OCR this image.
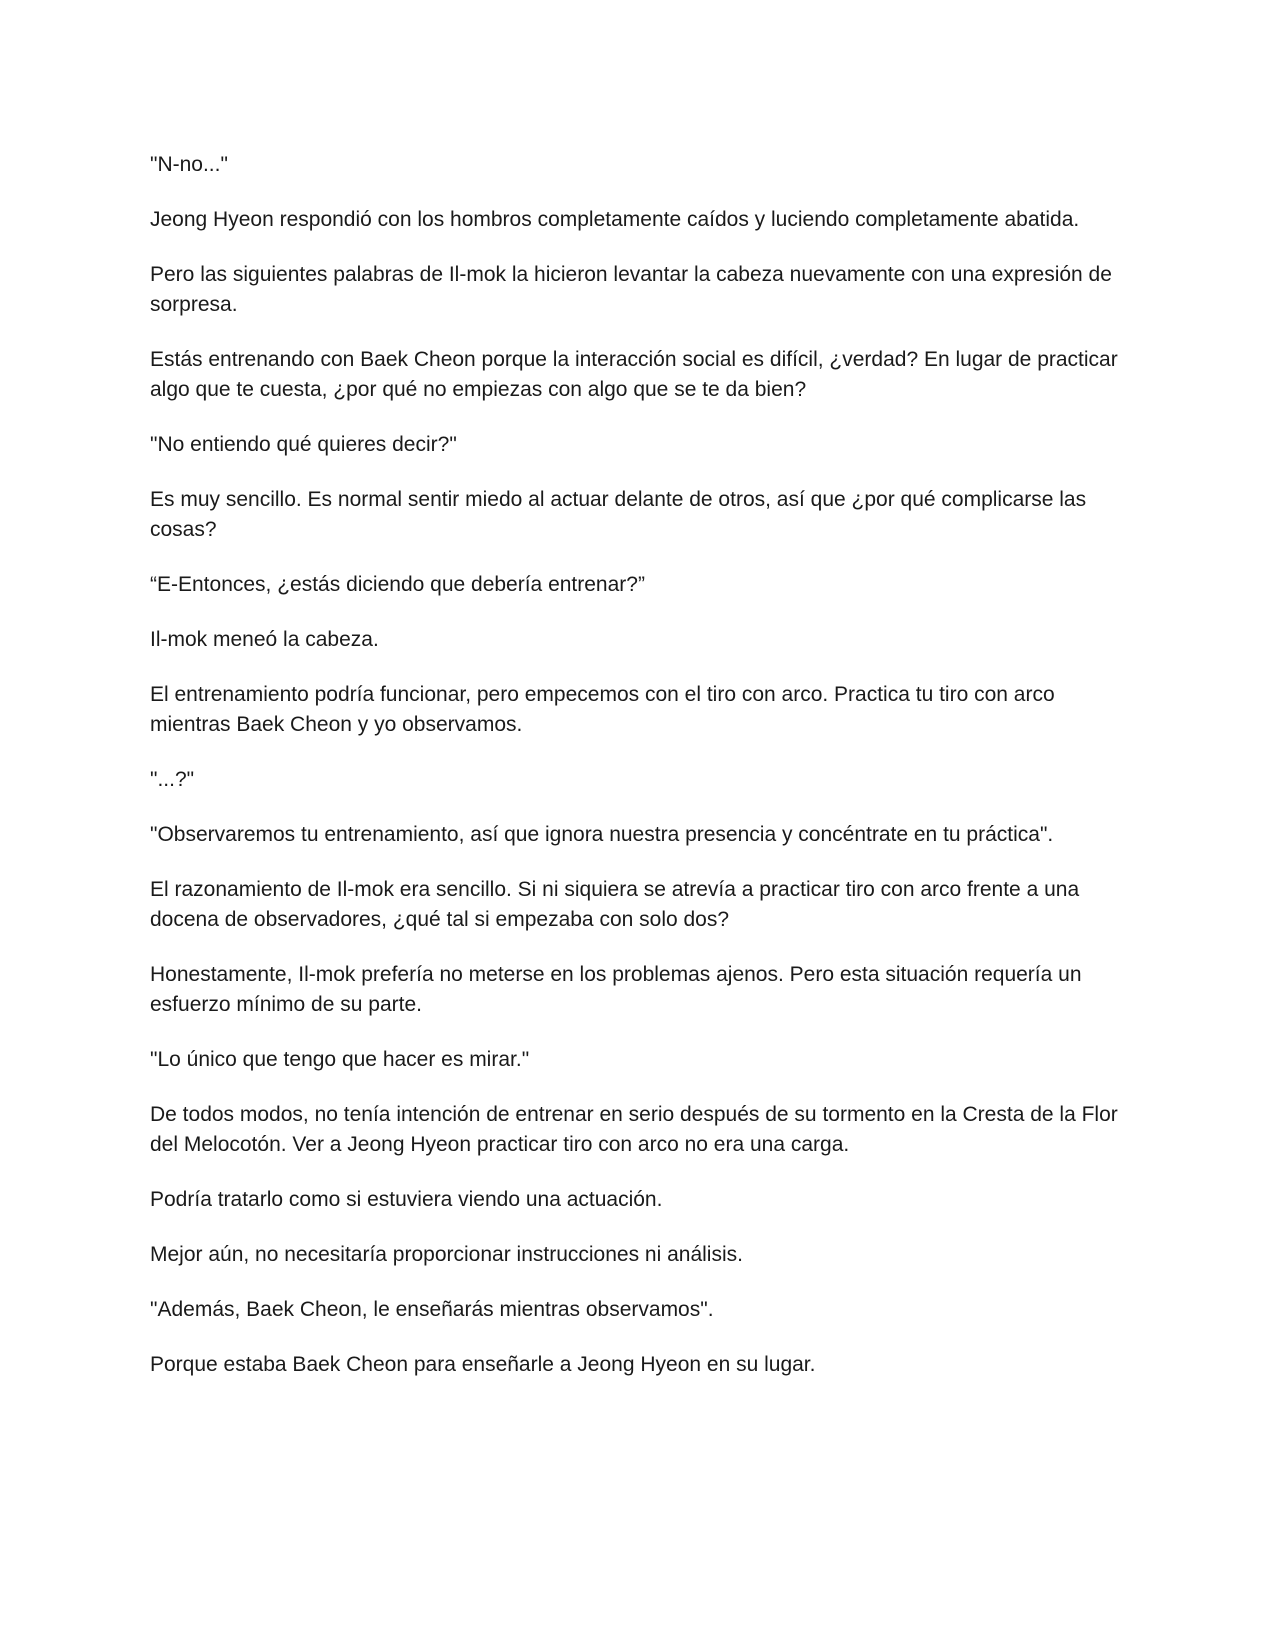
"N-no..."

Jeong Hyeon respondió con los hombros completamente caídos y luciendo completamente abatida.

Pero las siguientes palabras de Il-mok la hicieron levantar la cabeza nuevamente con una expresión de sorpresa.

Estás entrenando con Baek Cheon porque la interacción social es difícil, ¿verdad? En lugar de practicar algo que te cuesta, ¿por qué no empiezas con algo que se te da bien?

"No entiendo qué quieres decir?"

Es muy sencillo. Es normal sentir miedo al actuar delante de otros, así que ¿por qué complicarse las cosas?

“E-Entonces, ¿estás diciendo que debería entrenar?”

Il-mok meneó la cabeza.

El entrenamiento podría funcionar, pero empecemos con el tiro con arco. Practica tu tiro con arco mientras Baek Cheon y yo observamos.

"...?"

"Observaremos tu entrenamiento, así que ignora nuestra presencia y concéntrate en tu práctica".

El razonamiento de Il-mok era sencillo. Si ni siquiera se atrevía a practicar tiro con arco frente a una docena de observadores, ¿qué tal si empezaba con solo dos?

Honestamente, Il-mok prefería no meterse en los problemas ajenos. Pero esta situación requería un esfuerzo mínimo de su parte.

"Lo único que tengo que hacer es mirar."

De todos modos, no tenía intención de entrenar en serio después de su tormento en la Cresta de la Flor del Melocotón. Ver a Jeong Hyeon practicar tiro con arco no era una carga.

Podría tratarlo como si estuviera viendo una actuación.

Mejor aún, no necesitaría proporcionar instrucciones ni análisis.

"Además, Baek Cheon, le enseñarás mientras observamos".

Porque estaba Baek Cheon para enseñarle a Jeong Hyeon en su lugar.
